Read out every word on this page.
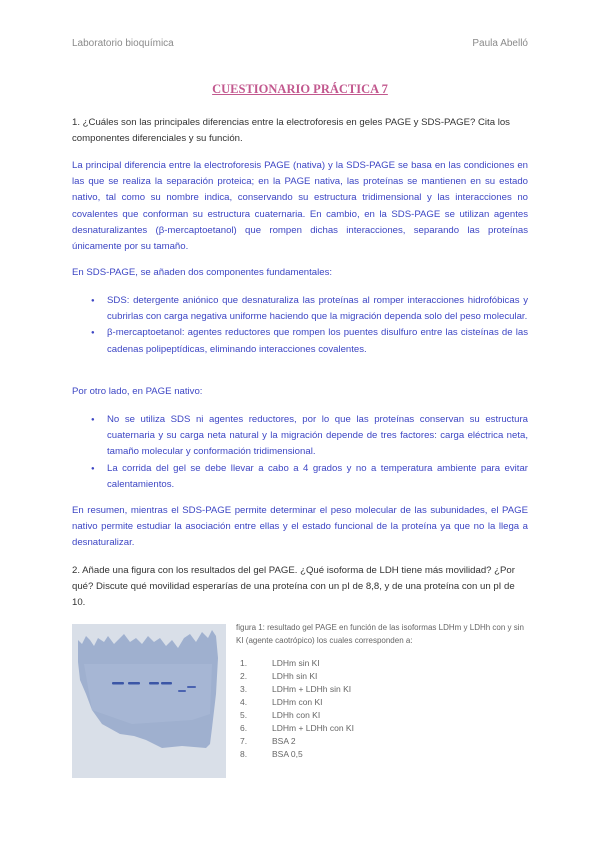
Laboratorio bioquímica	Paula Abelló
CUESTIONARIO PRÁCTICA 7
1. ¿Cuáles son las principales diferencias entre la electroforesis en geles PAGE y SDS-PAGE? Cita los componentes diferenciales y su función.
La principal diferencia entre la electroforesis PAGE (nativa) y la SDS-PAGE se basa en las condiciones en las que se realiza la separación proteica; en la PAGE nativa, las proteínas se mantienen en su estado nativo, tal como su nombre indica, conservando su estructura tridimensional y las interacciones no covalentes que conforman su estructura cuaternaria. En cambio, en la SDS-PAGE se utilizan agentes desnaturalizantes (β-mercaptoetanol) que rompen dichas interacciones, separando las proteínas únicamente por su tamaño.
En SDS-PAGE, se añaden dos componentes fundamentales:
● SDS: detergente aniónico que desnaturaliza las proteínas al romper interacciones hidrofóbicas y cubrirlas con carga negativa uniforme haciendo que la migración dependa solo del peso molecular.
● β-mercaptoetanol: agentes reductores que rompen los puentes disulfuro entre las cisteínas de las cadenas polipeptídicas, eliminando interacciones covalentes.
Por otro lado, en PAGE nativo:
● No se utiliza SDS ni agentes reductores, por lo que las proteínas conservan su estructura cuaternaria y su carga neta natural y la migración depende de tres factores: carga eléctrica neta, tamaño molecular y conformación tridimensional.
● La corrida del gel se debe llevar a cabo a 4 grados y no a temperatura ambiente para evitar calentamientos.
En resumen, mientras el SDS-PAGE permite determinar el peso molecular de las subunidades, el PAGE nativo permite estudiar la asociación entre ellas y el estado funcional de la proteína ya que no la llega a desnaturalizar.
2. Añade una figura con los resultados del gel PAGE. ¿Qué isoforma de LDH tiene más movilidad? ¿Por qué? Discute qué movilidad esperarías de una proteína con un pI de 8,8, y de una proteína con un pI de 10.
figura 1: resultado gel PAGE en función de las isoformas LDHm y LDHh con y sin KI (agente caotrópico) los cuales corresponden a:
1.	LDHm sin KI
2.	LDHh sin KI
3.	LDHm + LDHh sin KI
4.	LDHm con KI
5.	LDHh con KI
6.	LDHm + LDHh con KI
7.	BSA 2
8.	BSA 0,5
